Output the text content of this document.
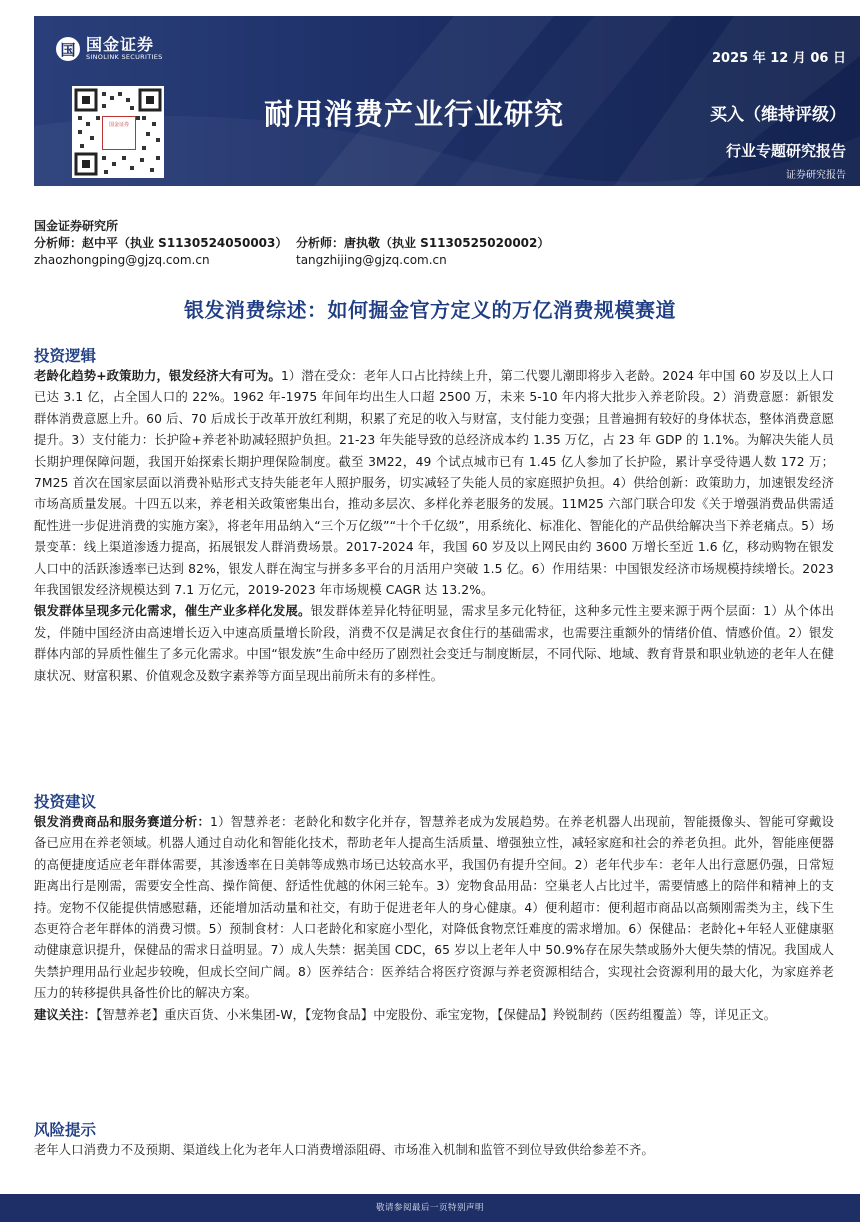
国 国金证券
SINOLINK SECURITIES
国金证券
2025 年 12 月 06 日
耐用消费产业行业研究	买入（维持评级）
行业专题研究报告
证券研究报告
国金证券研究所
分析师：赵中平（执业 S1130524050003） 分析师：唐执敬（执业 S1130525020002）
zhaozhongping@gjzq.com.cn	tangzhijing@gjzq.com.cn
银发消费综述：如何掘金官方定义的万亿消费规模赛道
投资逻辑

老龄化趋势+政策助力，银发经济大有可为。1）潜在受众：老年人口占比持续上升，第二代婴儿潮即将步入老龄。2024 年中国 60 岁及以上人口已达 3.1 亿，占全国人口的 22%。1962 年-1975 年间年均出生人口超 2500 万，未来 5-10 年内将大批步入养老阶段。2）消费意愿：新银发群体消费意愿上升。60 后、70 后成长于改革开放红利期，积累了充足的收入与财富，支付能力变强；且普遍拥有较好的身体状态，整体消费意愿提升。3）支付能力：长护险+养老补助减轻照护负担。21-23 年失能导致的总经济成本约 1.35 万亿，占 23 年 GDP 的 1.1%。为解决失能人员长期护理保障问题，我国开始探索长期护理保险制度。截至 3M22，49 个试点城市已有 1.45 亿人参加了长护险，累计享受待遇人数 172 万；7M25 首次在国家层面以消费补贴形式支持失能老年人照护服务，切实减轻了失能人员的家庭照护负担。4）供给创新：政策助力，加速银发经济市场高质量发展。十四五以来，养老相关政策密集出台，推动多层次、多样化养老服务的发展。11M25 六部门联合印发《关于增强消费品供需适配性进一步促进消费的实施方案》，将老年用品纳入“三个万亿级”“十个千亿级”，用系统化、标准化、智能化的产品供给解决当下养老痛点。5）场景变革：线上渠道渗透力提高，拓展银发人群消费场景。2017-2024 年，我国 60 岁及以上网民由约 3600 万增长至近 1.6 亿，移动购物在银发人口中的活跃渗透率已达到 82%，银发人群在淘宝与拼多多平台的月活用户突破 1.5 亿。6）作用结果：中国银发经济市场规模持续增长。2023 年我国银发经济规模达到 7.1 万亿元，2019-2023 年市场规模 CAGR 达 13.2%。

银发群体呈现多元化需求，催生产业多样化发展。银发群体差异化特征明显，需求呈多元化特征，这种多元性主要来源于两个层面：1）从个体出发，伴随中国经济由高速增长迈入中速高质量增长阶段，消费不仅是满足衣食住行的基础需求，也需要注重额外的情绪价值、情感价值。2）银发群体内部的异质性催生了多元化需求。中国“银发族”生命中经历了剧烈社会变迁与制度断层，不同代际、地域、教育背景和职业轨迹的老年人在健康状况、财富积累、价值观念及数字素养等方面呈现出前所未有的多样性。

投资建议

银发消费商品和服务赛道分析：1）智慧养老：老龄化和数字化并存，智慧养老成为发展趋势。在养老机器人出现前，智能摄像头、智能可穿戴设备已应用在养老领域。机器人通过自动化和智能化技术，帮助老年人提高生活质量、增强独立性，减轻家庭和社会的养老负担。此外，智能座便器的高便捷度适应老年群体需要，其渗透率在日美韩等成熟市场已达较高水平，我国仍有提升空间。2）老年代步车：老年人出行意愿仍强，日常短距离出行是刚需，需要安全性高、操作简便、舒适性优越的休闲三轮车。3）宠物食品用品：空巢老人占比过半，需要情感上的陪伴和精神上的支持。宠物不仅能提供情感慰藉，还能增加活动量和社交，有助于促进老年人的身心健康。4）便利超市：便利超市商品以高频刚需类为主，线下生态更符合老年群体的消费习惯。5）预制食材：人口老龄化和家庭小型化，对降低食物烹饪难度的需求增加。6）保健品：老龄化+年轻人亚健康驱动健康意识提升，保健品的需求日益明显。7）成人失禁：据美国 CDC，65 岁以上老年人中 50.9%存在尿失禁或肠外大便失禁的情况。我国成人失禁护理用品行业起步较晚，但成长空间广阔。8）医养结合：医养结合将医疗资源与养老资源相结合，实现社会资源利用的最大化，为家庭养老压力的转移提供具备性价比的解决方案。

建议关注：【智慧养老】重庆百货、小米集团-W，【宠物食品】中宠股份、乖宝宠物，【保健品】羚锐制药（医药组覆盖）等，详见正文。

风险提示

老年人口消费力不及预期、渠道线上化为老年人口消费增添阻碍、市场准入机制和监管不到位导致供给参差不齐。

敬请参阅最后一页特别声明
